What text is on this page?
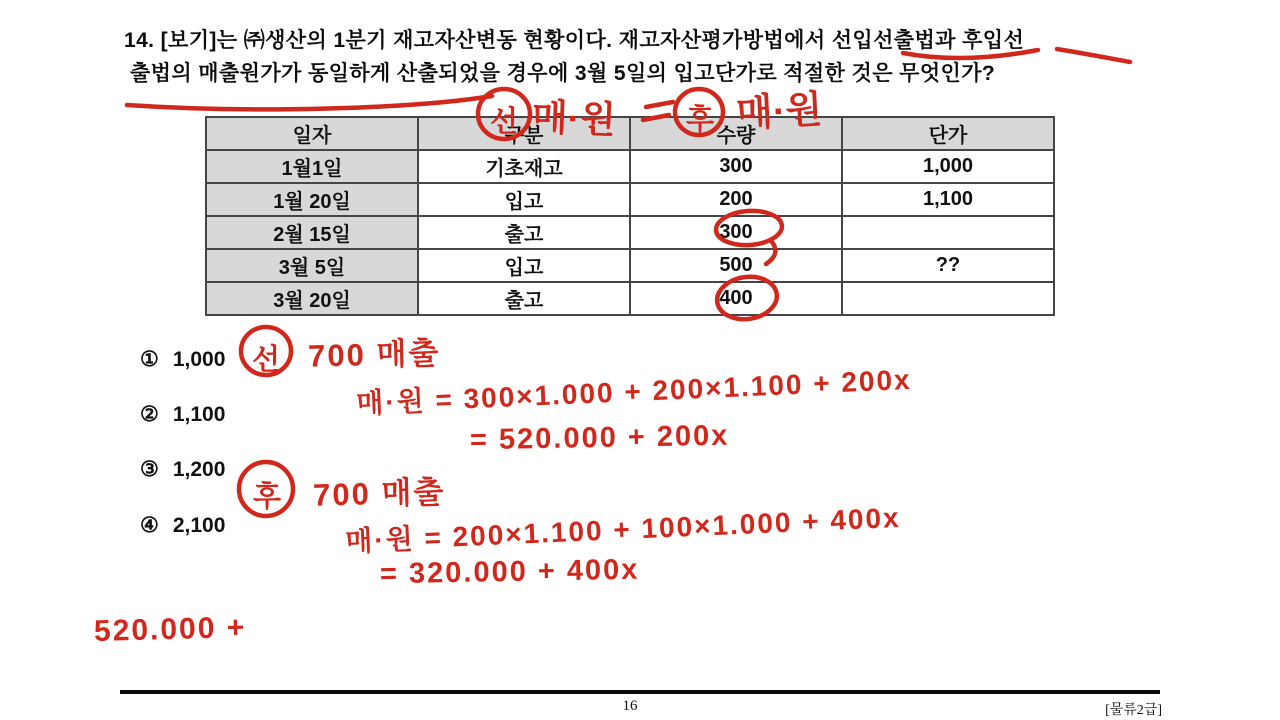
14. [보기]는 ㈜생산의 1분기 재고자산변동 현황이다. 재고자산평가방법에서 선입선출법과 후입선
출법의 매출원가가 동일하게 산출되었을 경우에 3월 5일의 입고단가로 적절한 것은 무엇인가?
일자	구분	수량	단가
1월1일	기초재고	300	1,000
1월 20일	입고	200	1,100
2월 15일	출고	300	
3월 5일	입고	500	??
3월 20일	출고	400	
① 1,000
② 1,100
③ 1,200
④ 2,100
선 매·원 후 매·원
선 700 매출
매·원 = 300×1.000 + 200×1.100 + 200x
= 520.000 + 200x
후 700 매출
매·원 = 200×1.100 + 100×1.000 + 400x
= 320.000 + 400x
520.000 +
16	[물류2급]
